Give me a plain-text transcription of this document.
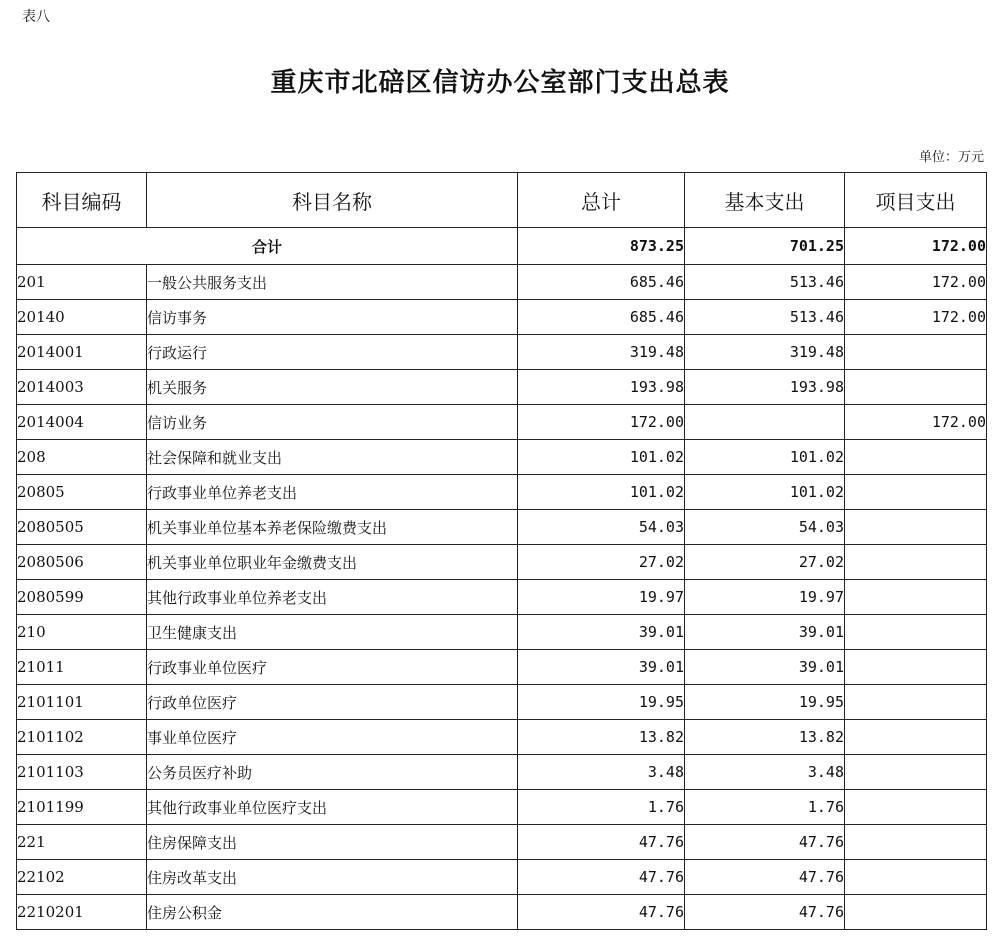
表八
重庆市北碚区信访办公室部门支出总表
单位：万元
科目编码	科目名称	总计	基本支出	项目支出
合计		873.25	701.25	172.00
201	一般公共服务支出	685.46	513.46	172.00
20140	信访事务	685.46	513.46	172.00
2014001	行政运行	319.48	319.48	
2014003	机关服务	193.98	193.98	
2014004	信访业务	172.00		172.00
208	社会保障和就业支出	101.02	101.02	
20805	行政事业单位养老支出	101.02	101.02	
2080505	机关事业单位基本养老保险缴费支出	54.03	54.03	
2080506	机关事业单位职业年金缴费支出	27.02	27.02	
2080599	其他行政事业单位养老支出	19.97	19.97	
210	卫生健康支出	39.01	39.01	
21011	行政事业单位医疗	39.01	39.01	
2101101	行政单位医疗	19.95	19.95	
2101102	事业单位医疗	13.82	13.82	
2101103	公务员医疗补助	3.48	3.48	
2101199	其他行政事业单位医疗支出	1.76	1.76	
221	住房保障支出	47.76	47.76	
22102	住房改革支出	47.76	47.76	
2210201	住房公积金	47.76	47.76	
